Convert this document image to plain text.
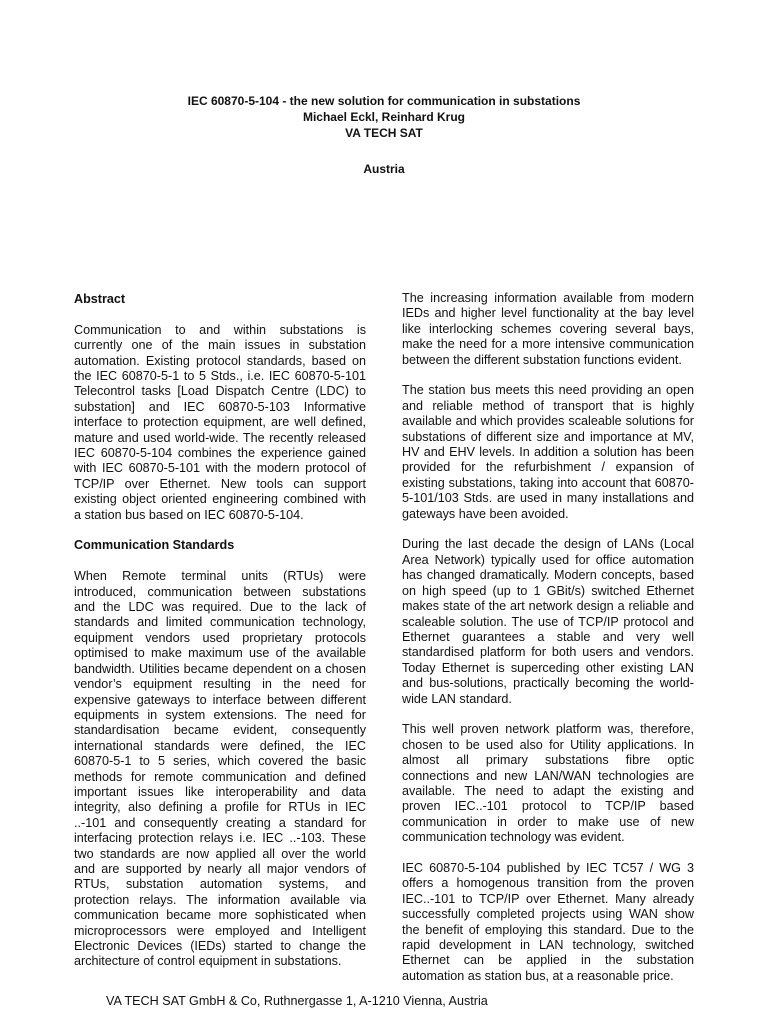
IEC 60870-5-104 - the new solution for communication in substations
Michael Eckl, Reinhard Krug
VA TECH SAT
Austria
Abstract

Communication to and within substations is currently one of the main issues in substation automation. Existing protocol standards, based on the IEC 60870-5-1 to 5 Stds., i.e. IEC 60870-5-101 Telecontrol tasks [Load Dispatch Centre (LDC) to substation] and IEC 60870-5-103 Informative interface to protection equipment, are well defined, mature and used world-wide. The recently released IEC 60870-5-104 combines the experience gained with IEC 60870-5-101 with the modern protocol of TCP/IP over Ethernet. New tools can support existing object oriented engineering combined with a station bus based on IEC 60870-5-104.

Communication Standards

When Remote terminal units (RTUs) were introduced, communication between substations and the LDC was required. Due to the lack of standards and limited communication technology, equipment vendors used proprietary protocols optimised to make maximum use of the available bandwidth. Utilities became dependent on a chosen vendor’s equipment resulting in the need for expensive gateways to interface between different equipments in system extensions. The need for standardisation became evident, consequently international standards were defined, the IEC 60870-5-1 to 5 series, which covered the basic methods for remote communication and defined important issues like interoperability and data integrity, also defining a profile for RTUs in IEC ..-101 and consequently creating a standard for interfacing protection relays i.e. IEC ..-103. These two standards are now applied all over the world and are supported by nearly all major vendors of RTUs, substation automation systems, and protection relays. The information available via communication became more sophisticated when microprocessors were employed and Intelligent Electronic Devices (IEDs) started to change the architecture of control equipment in substations.

The increasing information available from modern IEDs and higher level functionality at the bay level like interlocking schemes covering several bays, make the need for a more intensive communication between the different substation functions evident.

The station bus meets this need providing an open and reliable method of transport that is highly available and which provides scaleable solutions for substations of different size and importance at MV, HV and EHV levels. In addition a solution has been provided for the refurbishment / expansion of existing substations, taking into account that 60870-5-101/103 Stds. are used in many installations and gateways have been avoided.

During the last decade the design of LANs (Local Area Network) typically used for office automation has changed dramatically. Modern concepts, based on high speed (up to 1 GBit/s) switched Ethernet makes state of the art network design a reliable and scaleable solution. The use of TCP/IP protocol and Ethernet guarantees a stable and very well standardised platform for both users and vendors. Today Ethernet is superceding other existing LAN and bus-solutions, practically becoming the world-wide LAN standard.

This well proven network platform was, therefore, chosen to be used also for Utility applications. In almost all primary substations fibre optic connections and new LAN/WAN technologies are available. The need to adapt the existing and proven IEC..-101 protocol to TCP/IP based communication in order to make use of new communication technology was evident.

IEC 60870-5-104 published by IEC TC57 / WG 3 offers a homogenous transition from the proven IEC..-101 to TCP/IP over Ethernet. Many already successfully completed projects using WAN show the benefit of employing this standard. Due to the rapid development in LAN technology, switched Ethernet can be applied in the substation automation as station bus, at a reasonable price.

VA TECH SAT GmbH & Co, Ruthnergasse 1, A-1210 Vienna, Austria
